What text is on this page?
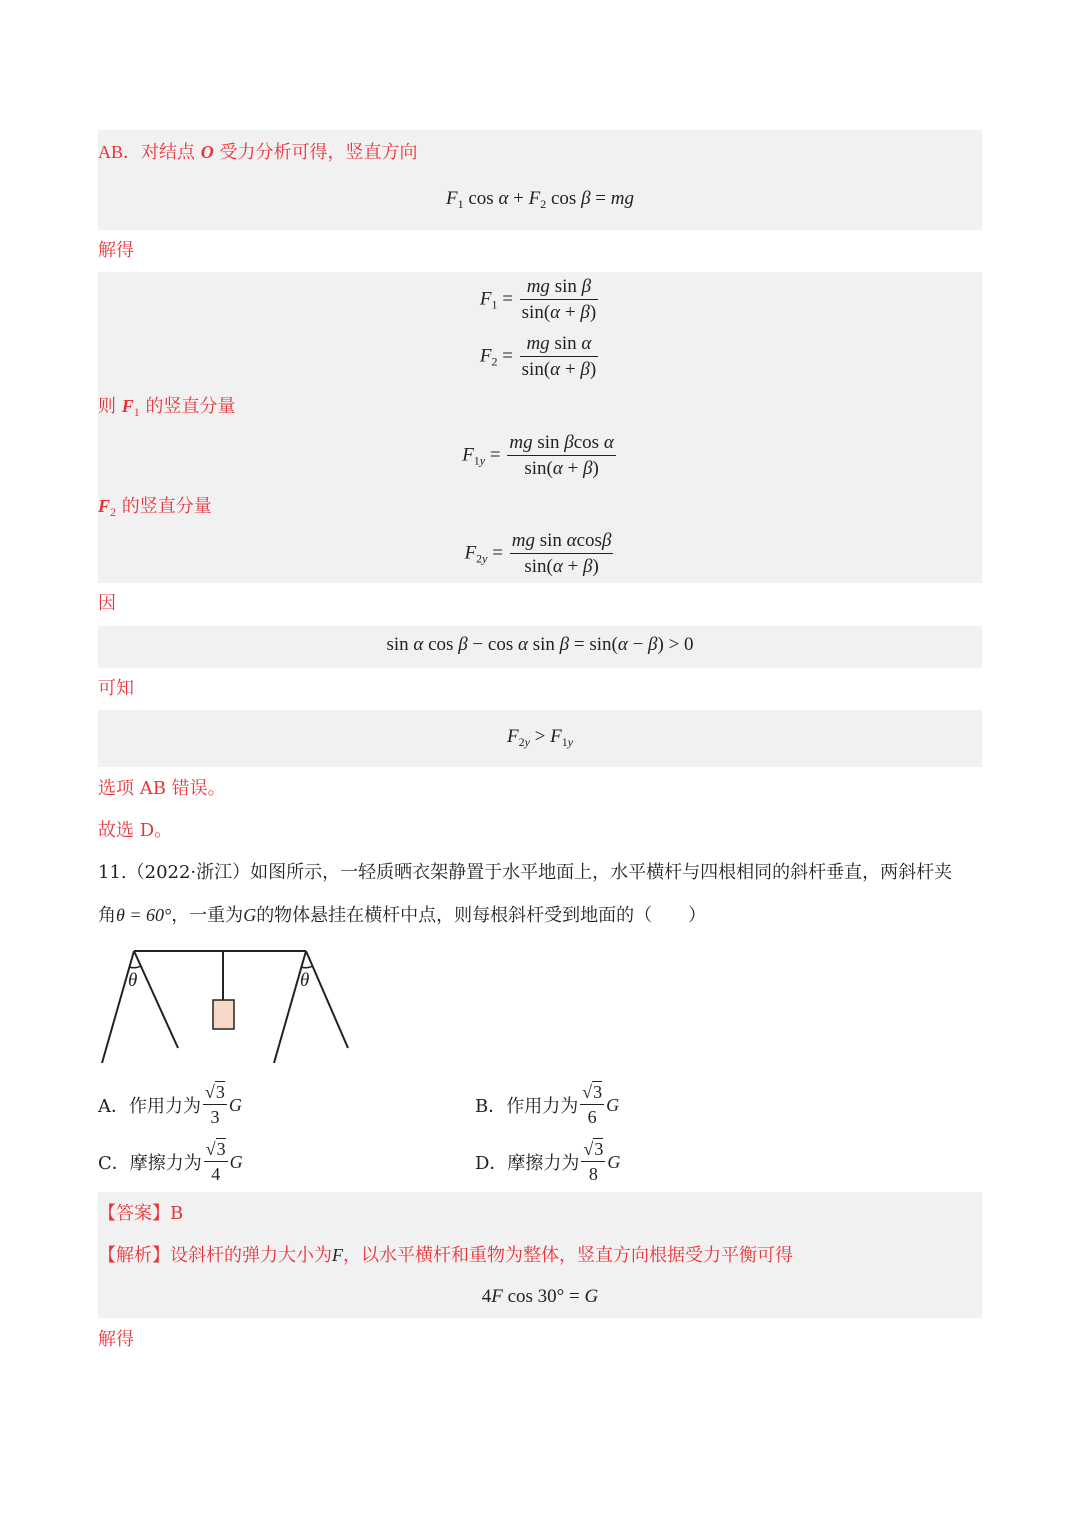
AB．对结点 O 受力分析可得，竖直方向
$F_1$ $\cos \alpha + F_2$ cos β = mg
解得
$F_1 = \frac{\text{mg sin β}}{\sin(\alpha + \beta)}$
$F_2 = \frac{\text{mg sin α}}{\sin(\alpha + \beta)}$
则 $F_1$ 的竖直分量
$F_{1y} = \frac{\text{mg sin βcos α}}{\sin(\alpha + \beta)}$
$F_2$ 的竖直分量
$F_{2y} = \frac{\text{mg sin αcosβ}}{\sin(\alpha + \beta)}$
因
sin α cos β − cos α sin β = sin(α − β) > 0
可知
$F_{2y} > F_{1y}$
选项 AB 错误。
故选 D。
11.（2022·浙江）如图所示，一轻质晒衣架静置于水平地面上，水平横杆与四根相同的斜杆垂直，两斜杆夹
角θ = 60°，一重为G的物体悬挂在横杆中点，则每根斜杆受到地面的（　　）
θ	θ
A．作用力为 $\frac{√3}{3}$ G	B．作用力为 $\frac{√3}{6}$ G
C．摩擦力为 $\frac{√3}{4}$ G	D．摩擦力为 $\frac{√3}{8}$ G
【答案】B
【解析】设斜杆的弹力大小为F，以水平横杆和重物为整体，竖直方向根据受力平衡可得
4F cos 30° = G
解得
